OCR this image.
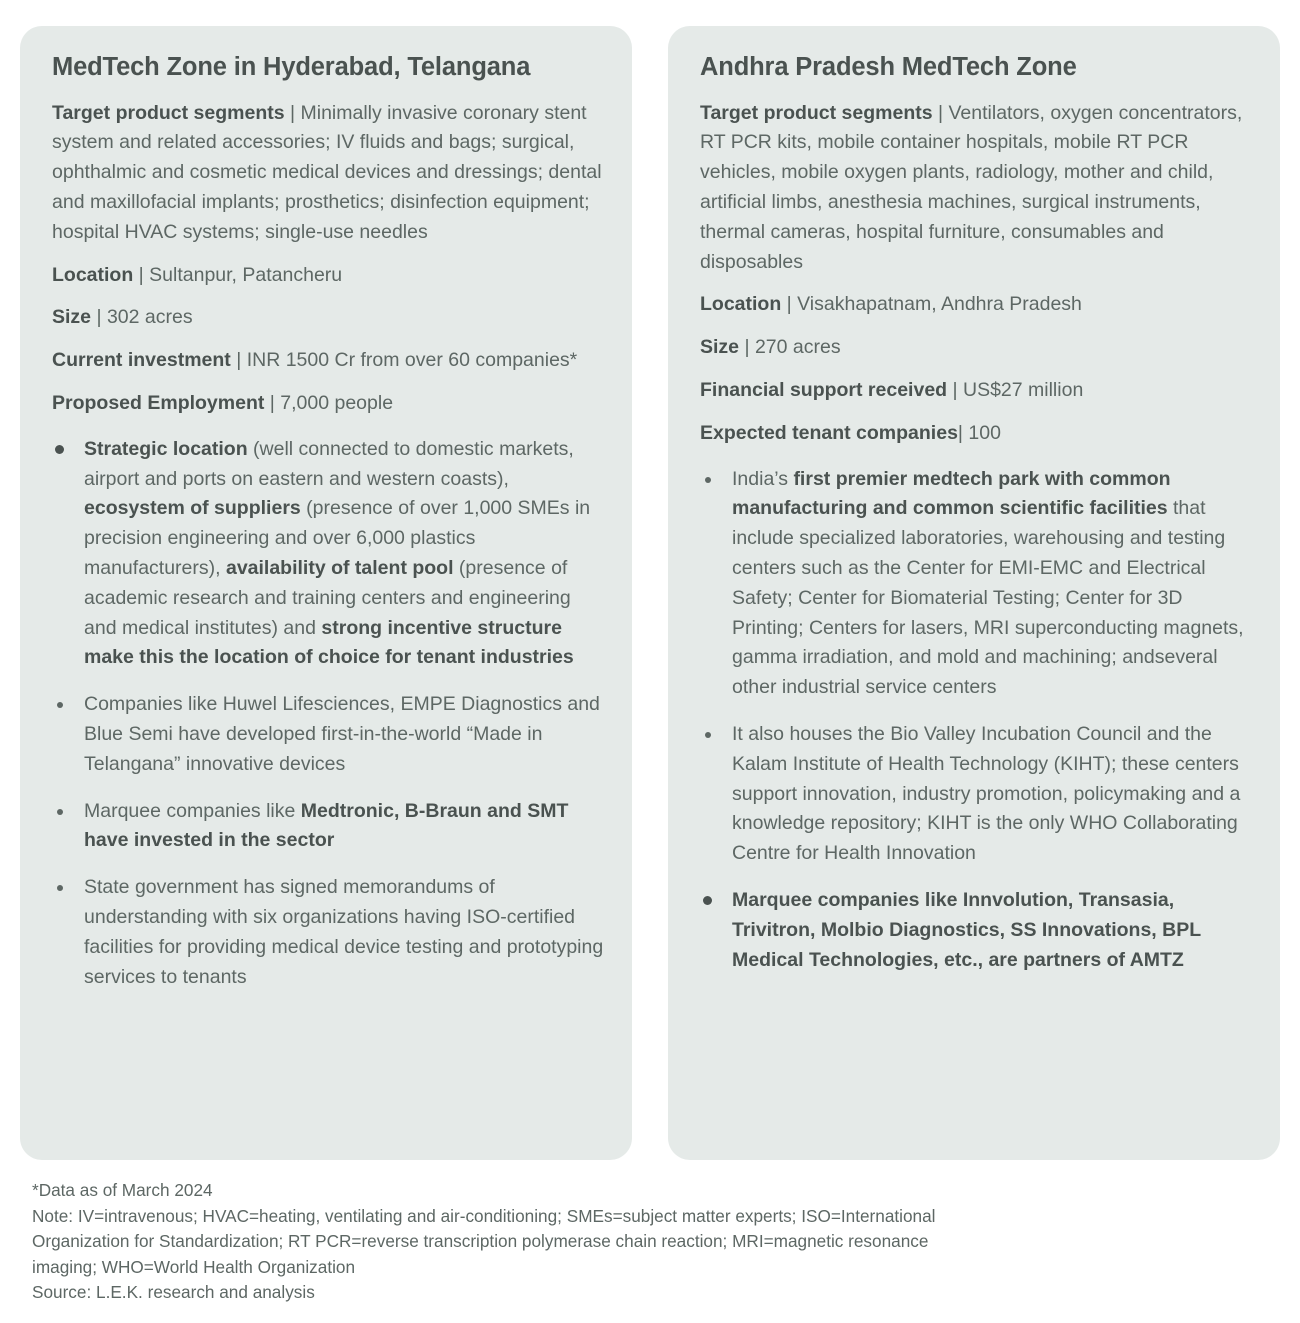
MedTech Zone in Hyderabad, Telangana

Target product segments | Minimally invasive coronary stent system and related accessories; IV fluids and bags; surgical, ophthalmic and cosmetic medical devices and dressings; dental and maxillofacial implants; prosthetics; disinfection equipment; hospital HVAC systems; single-use needles

Location | Sultanpur, Patancheru

Size | 302 acres

Current investment | INR 1500 Cr from over 60 companies*

Proposed Employment | 7,000 people

Strategic location (well connected to domestic markets, airport and ports on eastern and western coasts), ecosystem of suppliers (presence of over 1,000 SMEs in precision engineering and over 6,000 plastics manufacturers), availability of talent pool (presence of academic research and training centers and engineering and medical institutes) and strong incentive structure make this the location of choice for tenant industries
Companies like Huwel Lifesciences, EMPE Diagnostics and Blue Semi have developed first-in-the-world “Made in Telangana” innovative devices
Marquee companies like Medtronic, B-Braun and SMT have invested in the sector
State government has signed memorandums of understanding with six organizations having ISO-certified facilities for providing medical device testing and prototyping services to tenants
Andhra Pradesh MedTech Zone

Target product segments | Ventilators, oxygen concentrators, RT PCR kits, mobile container hospitals, mobile RT PCR vehicles, mobile oxygen plants, radiology, mother and child, artificial limbs, anesthesia machines, surgical instruments, thermal cameras, hospital furniture, consumables and disposables

Location | Visakhapatnam, Andhra Pradesh

Size | 270 acres

Financial support received | US$27 million

Expected tenant companies| 100

India’s first premier medtech park with common manufacturing and common scientific facilities that include specialized laboratories, warehousing and testing centers such as the Center for EMI-EMC and Electrical Safety; Center for Biomaterial Testing; Center for 3D Printing; Centers for lasers, MRI superconducting magnets, gamma irradiation, and mold and machining; andseveral other industrial service centers
It also houses the Bio Valley Incubation Council and the Kalam Institute of Health Technology (KIHT); these centers support innovation, industry promotion, policymaking and a knowledge repository; KIHT is the only WHO Collaborating Centre for Health Innovation
Marquee companies like Innvolution, Transasia, Trivitron, Molbio Diagnostics, SS Innovations, BPL Medical Technologies, etc., are partners of AMTZ
*Data as of March 2024
Note: IV=intravenous; HVAC=heating, ventilating and air-conditioning; SMEs=subject matter experts; ISO=International
Organization for Standardization; RT PCR=reverse transcription polymerase chain reaction; MRI=magnetic resonance
imaging; WHO=World Health Organization
Source: L.E.K. research and analysis
